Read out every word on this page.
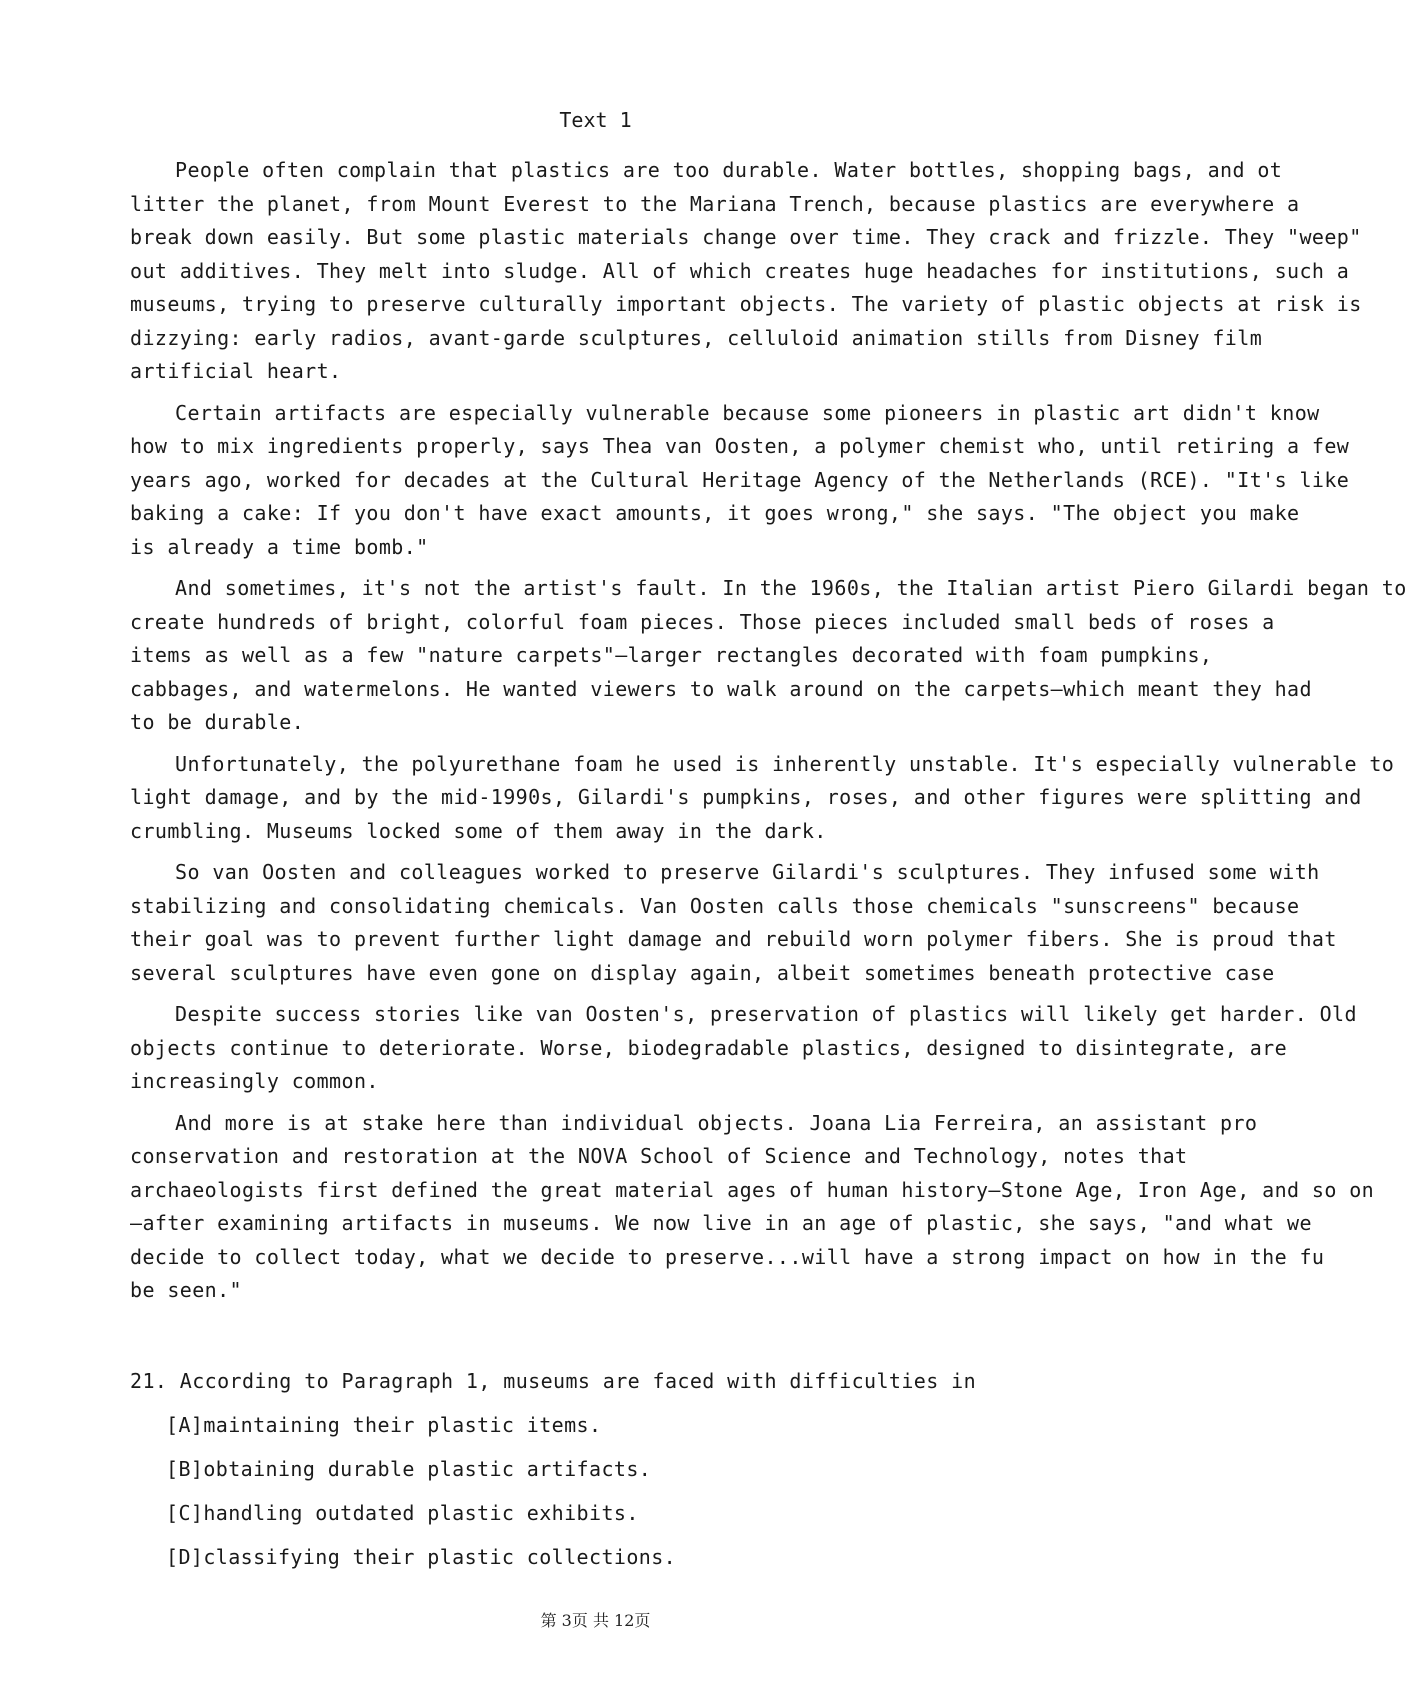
Text 1
People often complain that plastics are too durable. Water bottles, shopping bags, and ot
litter the planet, from Mount Everest to the Mariana Trench, because plastics are everywhere a
break down easily. But some plastic materials change over time. They crack and frizzle. They "weep"
out additives. They melt into sludge. All of which creates huge headaches for institutions, such a
museums, trying to preserve culturally important objects. The variety of plastic objects at risk is
dizzying: early radios, avant-garde sculptures, celluloid animation stills from Disney film
artificial heart.
Certain artifacts are especially vulnerable because some pioneers in plastic art didn't know
how to mix ingredients properly, says Thea van Oosten, a polymer chemist who, until retiring a few
years ago, worked for decades at the Cultural Heritage Agency of the Netherlands (RCE). "It's like
baking a cake: If you don't have exact amounts, it goes wrong," she says. "The object you make
is already a time bomb."
And sometimes, it's not the artist's fault. In the 1960s, the Italian artist Piero Gilardi began to
create hundreds of bright, colorful foam pieces. Those pieces included small beds of roses a
items as well as a few "nature carpets"—larger rectangles decorated with foam pumpkins,
cabbages, and watermelons. He wanted viewers to walk around on the carpets—which meant they had
to be durable.
Unfortunately, the polyurethane foam he used is inherently unstable. It's especially vulnerable to
light damage, and by the mid-1990s, Gilardi's pumpkins, roses, and other figures were splitting and
crumbling. Museums locked some of them away in the dark.
So van Oosten and colleagues worked to preserve Gilardi's sculptures. They infused some with
stabilizing and consolidating chemicals. Van Oosten calls those chemicals "sunscreens" because
their goal was to prevent further light damage and rebuild worn polymer fibers. She is proud that
several sculptures have even gone on display again, albeit sometimes beneath protective case
Despite success stories like van Oosten's, preservation of plastics will likely get harder. Old
objects continue to deteriorate. Worse, biodegradable plastics, designed to disintegrate, are
increasingly common.
And more is at stake here than individual objects. Joana Lia Ferreira, an assistant pro
conservation and restoration at the NOVA School of Science and Technology, notes that
archaeologists first defined the great material ages of human history—Stone Age, Iron Age, and so on
—after examining artifacts in museums. We now live in an age of plastic, she says, "and what we
decide to collect today, what we decide to preserve...will have a strong impact on how in the fu
be seen."
21. According to Paragraph 1, museums are faced with difficulties in
[A]maintaining their plastic items.
[B]obtaining durable plastic artifacts.
[C]handling outdated plastic exhibits.
[D]classifying their plastic collections.
第 3页 共 12页
